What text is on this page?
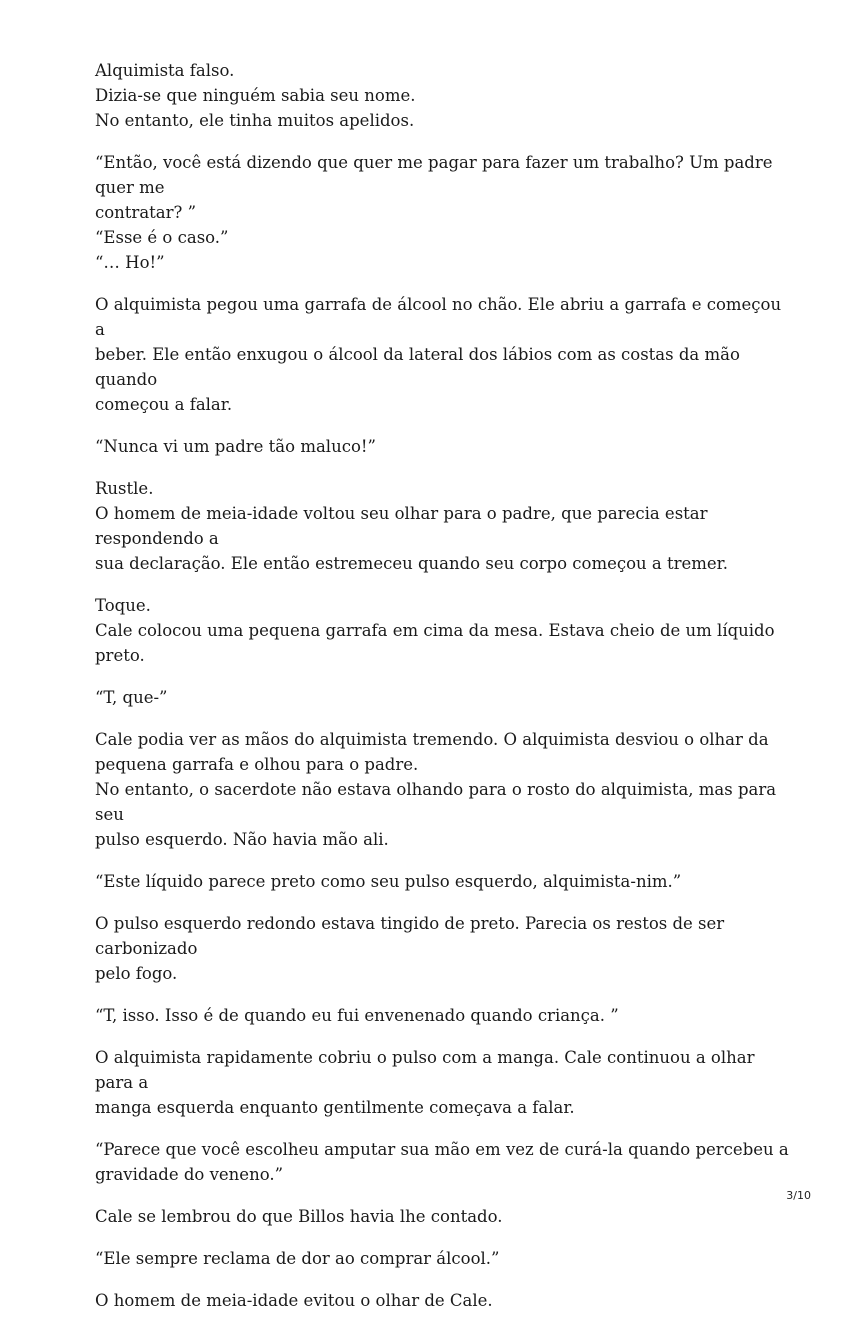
Alquimista falso.
Dizia-se que ninguém sabia seu nome.
No entanto, ele tinha muitos apelidos.

“Então, você está dizendo que quer me pagar para fazer um trabalho? Um padre quer me
contratar? ”
“Esse é o caso.”
“… Ho!”

O alquimista pegou uma garrafa de álcool no chão. Ele abriu a garrafa e começou a
beber. Ele então enxugou o álcool da lateral dos lábios com as costas da mão quando
começou a falar.

“Nunca vi um padre tão maluco!”

Rustle.
O homem de meia-idade voltou seu olhar para o padre, que parecia estar respondendo a
sua declaração. Ele então estremeceu quando seu corpo começou a tremer.

Toque.
Cale colocou uma pequena garrafa em cima da mesa. Estava cheio de um líquido preto.

“T, que-”

Cale podia ver as mãos do alquimista tremendo. O alquimista desviou o olhar da
pequena garrafa e olhou para o padre.
No entanto, o sacerdote não estava olhando para o rosto do alquimista, mas para seu
pulso esquerdo. Não havia mão ali.

“Este líquido parece preto como seu pulso esquerdo, alquimista-nim.”

O pulso esquerdo redondo estava tingido de preto. Parecia os restos de ser carbonizado
pelo fogo.

“T, isso. Isso é de quando eu fui envenenado quando criança. ”

O alquimista rapidamente cobriu o pulso com a manga. Cale continuou a olhar para a
manga esquerda enquanto gentilmente começava a falar.

“Parece que você escolheu amputar sua mão em vez de curá-la quando percebeu a
gravidade do veneno.”

Cale se lembrou do que Billos havia lhe contado.

“Ele sempre reclama de dor ao comprar álcool.”

O homem de meia-idade evitou o olhar de Cale.

3/10
